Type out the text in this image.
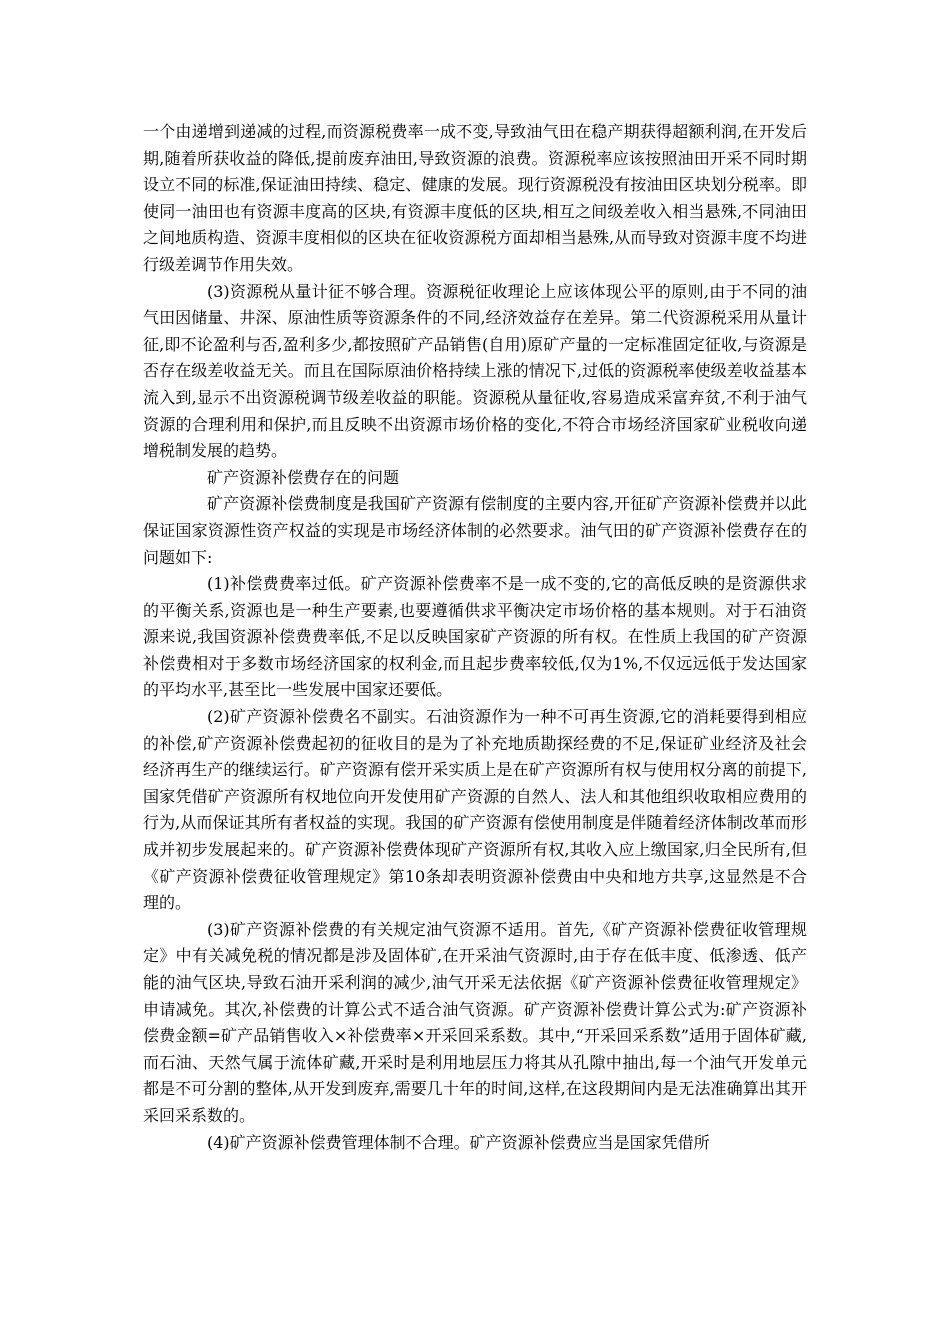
一个由递增到递减的过程,而资源税费率一成不变,导致油气田在稳产期获得超额利润,在开发后期,随着所获收益的降低,提前废弃油田,导致资源的浪费。资源税率应该按照油田开采不同时期设立不同的标准,保证油田持续、稳定、健康的发展。现行资源税没有按油田区块划分税率。即使同一油田也有资源丰度高的区块,有资源丰度低的区块,相互之间级差收入相当悬殊,不同油田之间地质构造、资源丰度相似的区块在征收资源税方面却相当悬殊,从而导致对资源丰度不均进行级差调节作用失效。

(3)资源税从量计征不够合理。资源税征收理论上应该体现公平的原则,由于不同的油气田因储量、井深、原油性质等资源条件的不同,经济效益存在差异。第二代资源税采用从量计征,即不论盈利与否,盈利多少,都按照矿产品销售(自用)原矿产量的一定标准固定征收,与资源是否存在级差收益无关。而且在国际原油价格持续上涨的情况下,过低的资源税率使级差收益基本流入到,显示不出资源税调节级差收益的职能。资源税从量征收,容易造成采富弃贫,不利于油气资源的合理利用和保护,而且反映不出资源市场价格的变化,不符合市场经济国家矿业税收向递增税制发展的趋势。

矿产资源补偿费存在的问题

矿产资源补偿费制度是我国矿产资源有偿制度的主要内容,开征矿产资源补偿费并以此保证国家资源性资产权益的实现是市场经济体制的必然要求。油气田的矿产资源补偿费存在的问题如下:

(1)补偿费费率过低。矿产资源补偿费率不是一成不变的,它的高低反映的是资源供求的平衡关系,资源也是一种生产要素,也要遵循供求平衡决定市场价格的基本规则。对于石油资源来说,我国资源补偿费费率低,不足以反映国家矿产资源的所有权。在性质上我国的矿产资源补偿费相对于多数市场经济国家的权利金,而且起步费率较低,仅为1%,不仅远远低于发达国家的平均水平,甚至比一些发展中国家还要低。

(2)矿产资源补偿费名不副实。石油资源作为一种不可再生资源,它的消耗要得到相应的补偿,矿产资源补偿费起初的征收目的是为了补充地质勘探经费的不足,保证矿业经济及社会经济再生产的继续运行。矿产资源有偿开采实质上是在矿产资源所有权与使用权分离的前提下,国家凭借矿产资源所有权地位向开发使用矿产资源的自然人、法人和其他组织收取相应费用的行为,从而保证其所有者权益的实现。我国的矿产资源有偿使用制度是伴随着经济体制改革而形成并初步发展起来的。矿产资源补偿费体现矿产资源所有权,其收入应上缴国家,归全民所有,但《矿产资源补偿费征收管理规定》第10条却表明资源补偿费由中央和地方共享,这显然是不合理的。

(3)矿产资源补偿费的有关规定油气资源不适用。首先,《矿产资源补偿费征收管理规定》中有关减免税的情况都是涉及固体矿,在开采油气资源时,由于存在低丰度、低渗透、低产能的油气区块,导致石油开采利润的减少,油气开采无法依据《矿产资源补偿费征收管理规定》申请减免。其次,补偿费的计算公式不适合油气资源。矿产资源补偿费计算公式为:矿产资源补偿费金额=矿产品销售收入×补偿费率×开采回采系数。其中,“开采回采系数”适用于固体矿藏,而石油、天然气属于流体矿藏,开采时是利用地层压力将其从孔隙中抽出,每一个油气开发单元都是不可分割的整体,从开发到废弃,需要几十年的时间,这样,在这段期间内是无法准确算出其开采回采系数的。

(4)矿产资源补偿费管理体制不合理。矿产资源补偿费应当是国家凭借所
